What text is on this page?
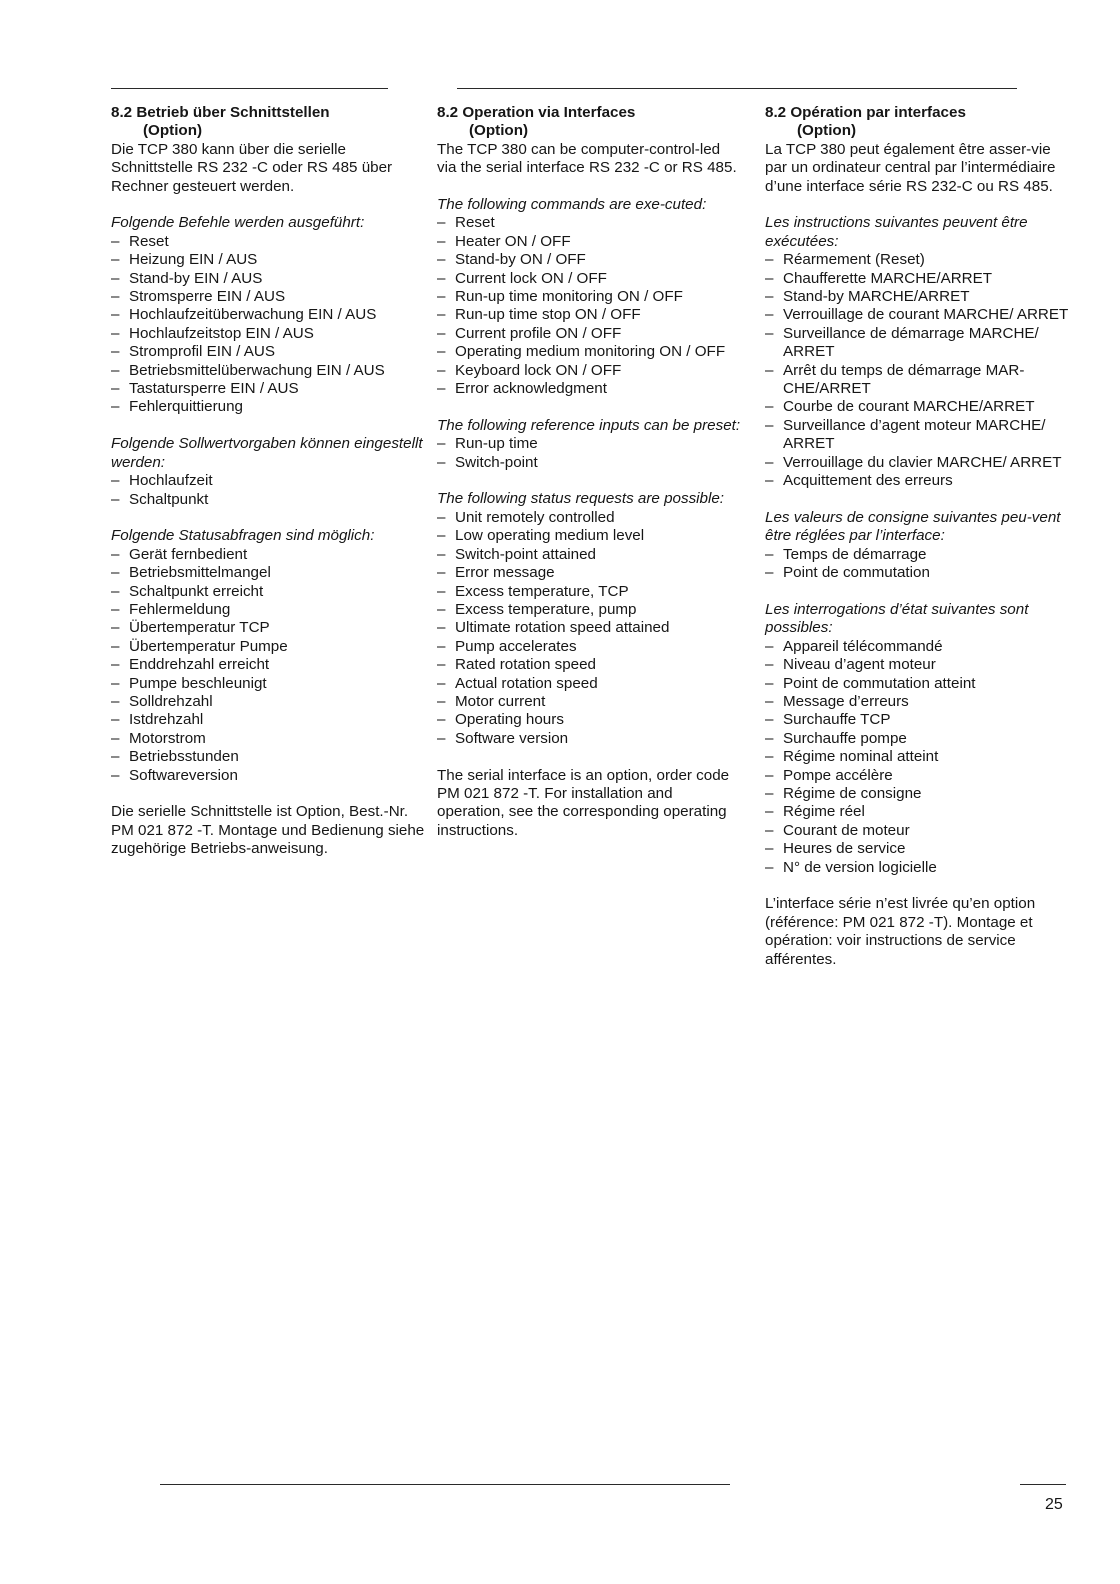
8.2 Betrieb über Schnittstellen
(Option)

Die TCP 380 kann über die serielle Schnittstelle RS 232 -C oder RS 485 über Rechner gesteuert werden.

Folgende Befehle werden ausgeführt:

– Reset
– Heizung EIN / AUS
– Stand-by EIN / AUS
– Stromsperre EIN / AUS
– Hochlaufzeitüberwachung EIN / AUS
– Hochlaufzeitstop EIN / AUS
– Stromprofil EIN / AUS
– Betriebsmittelüberwachung EIN / AUS
– Tastatursperre EIN / AUS
– Fehlerquittierung

Folgende Sollwertvorgaben können eingestellt werden:

– Hochlaufzeit
– Schaltpunkt

Folgende Statusabfragen sind möglich:

– Gerät fernbedient
– Betriebsmittelmangel
– Schaltpunkt erreicht
– Fehlermeldung
– Übertemperatur TCP
– Übertemperatur Pumpe
– Enddrehzahl erreicht
– Pumpe beschleunigt
– Solldrehzahl
– Istdrehzahl
– Motorstrom
– Betriebsstunden
– Softwareversion

Die serielle Schnittstelle ist Option, Best.-Nr. PM 021 872 -T. Montage und Bedienung siehe zugehörige Betriebs-anweisung.

8.2 Operation via Interfaces
(Option)

The TCP 380 can be computer-control-led via the serial interface RS 232 -C or RS 485.

The following commands are exe-cuted:

– Reset
– Heater ON / OFF
– Stand-by ON / OFF
– Current lock ON / OFF
– Run-up time monitoring ON / OFF
– Run-up time stop ON / OFF
– Current profile ON / OFF
– Operating medium monitoring ON / OFF
– Keyboard lock ON / OFF
– Error acknowledgment

The following reference inputs can be preset:

– Run-up time
– Switch-point

The following status requests are possible:

– Unit remotely controlled
– Low operating medium level
– Switch-point attained
– Error message
– Excess temperature, TCP
– Excess temperature, pump
– Ultimate rotation speed attained
– Pump accelerates
– Rated rotation speed
– Actual rotation speed
– Motor current
– Operating hours
– Software version

The serial interface is an option, order code PM 021 872 -T. For installation and operation, see the corresponding operating instructions.

8.2 Opération par interfaces
(Option)

La TCP 380 peut également être asser-vie par un ordinateur central par l’intermédiaire d’une interface série RS 232-C ou RS 485.

Les instructions suivantes peuvent être exécutées:

– Réarmement (Reset)
– Chaufferette MARCHE/ARRET
– Stand-by MARCHE/ARRET
– Verrouillage de courant MARCHE/ ARRET
– Surveillance de démarrage MARCHE/ ARRET
– Arrêt du temps de démarrage MAR-CHE/ARRET
– Courbe de courant MARCHE/ARRET
– Surveillance d’agent moteur MARCHE/ ARRET
– Verrouillage du clavier MARCHE/ ARRET
– Acquittement des erreurs

Les valeurs de consigne suivantes peu-vent être réglées par l’interface:

– Temps de démarrage
– Point de commutation

Les interrogations d’état suivantes sont possibles:

– Appareil télécommandé
– Niveau d’agent moteur
– Point de commutation atteint
– Message d’erreurs
– Surchauffe TCP
– Surchauffe pompe
– Régime nominal atteint
– Pompe accélère
– Régime de consigne
– Régime réel
– Courant de moteur
– Heures de service
– N° de version logicielle

L’interface série n’est livrée qu’en option (référence: PM 021 872 -T). Montage et opération: voir instructions de service afférentes.

25
